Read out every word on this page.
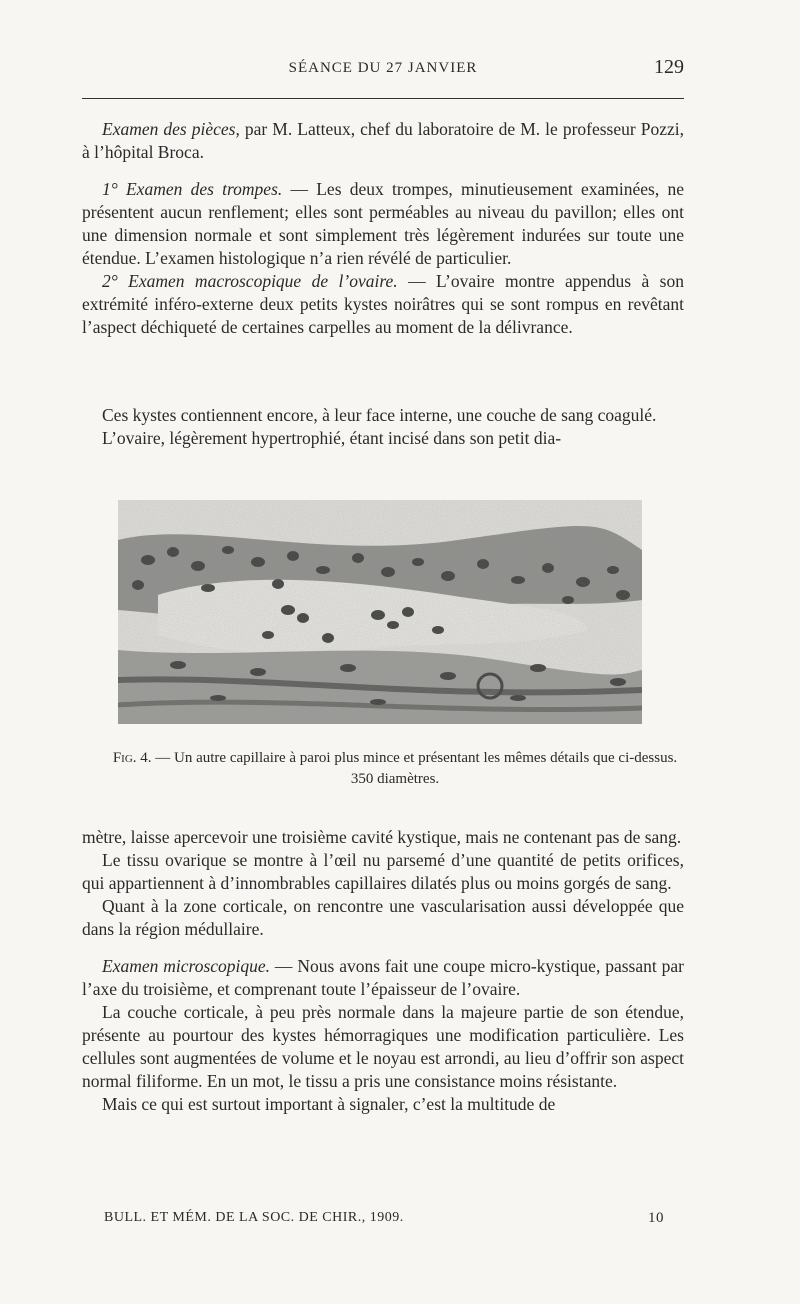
SÉANCE DU 27 JANVIER	129

Examen des pièces, par M. Latteux, chef du laboratoire de M. le professeur Pozzi, à l’hôpital Broca.

1° Examen des trompes. — Les deux trompes, minutieusement examinées, ne présentent aucun renflement; elles sont perméables au niveau du pavillon; elles ont une dimension normale et sont simplement très légèrement indurées sur toute une étendue. L’examen histologique n’a rien révélé de particulier.

2° Examen macroscopique de l’ovaire. — L’ovaire montre appendus à son extrémité inféro-externe deux petits kystes noirâtres qui se sont rompus en revêtant l’aspect déchiqueté de certaines carpelles au moment de la délivrance.

Ces kystes contiennent encore, à leur face interne, une couche de sang coagulé.

L’ovaire, légèrement hypertrophié, étant incisé dans son petit dia-

Fig. 4. — Un autre capillaire à paroi plus mince et présentant les mêmes détails que ci-dessus. 350 diamètres.

mètre, laisse apercevoir une troisième cavité kystique, mais ne contenant pas de sang.

Le tissu ovarique se montre à l’œil nu parsemé d’une quantité de petits orifices, qui appartiennent à d’innombrables capillaires dilatés plus ou moins gorgés de sang.

Quant à la zone corticale, on rencontre une vascularisation aussi développée que dans la région médullaire.

Examen microscopique. — Nous avons fait une coupe micro-kystique, passant par l’axe du troisième, et comprenant toute l’épaisseur de l’ovaire.

La couche corticale, à peu près normale dans la majeure partie de son étendue, présente au pourtour des kystes hémorragiques une modification particulière. Les cellules sont augmentées de volume et le noyau est arrondi, au lieu d’offrir son aspect normal filiforme. En un mot, le tissu a pris une consistance moins résistante.

Mais ce qui est surtout important à signaler, c’est la multitude de

BULL. ET MÉM. DE LA SOC. DE CHIR., 1909.	10
